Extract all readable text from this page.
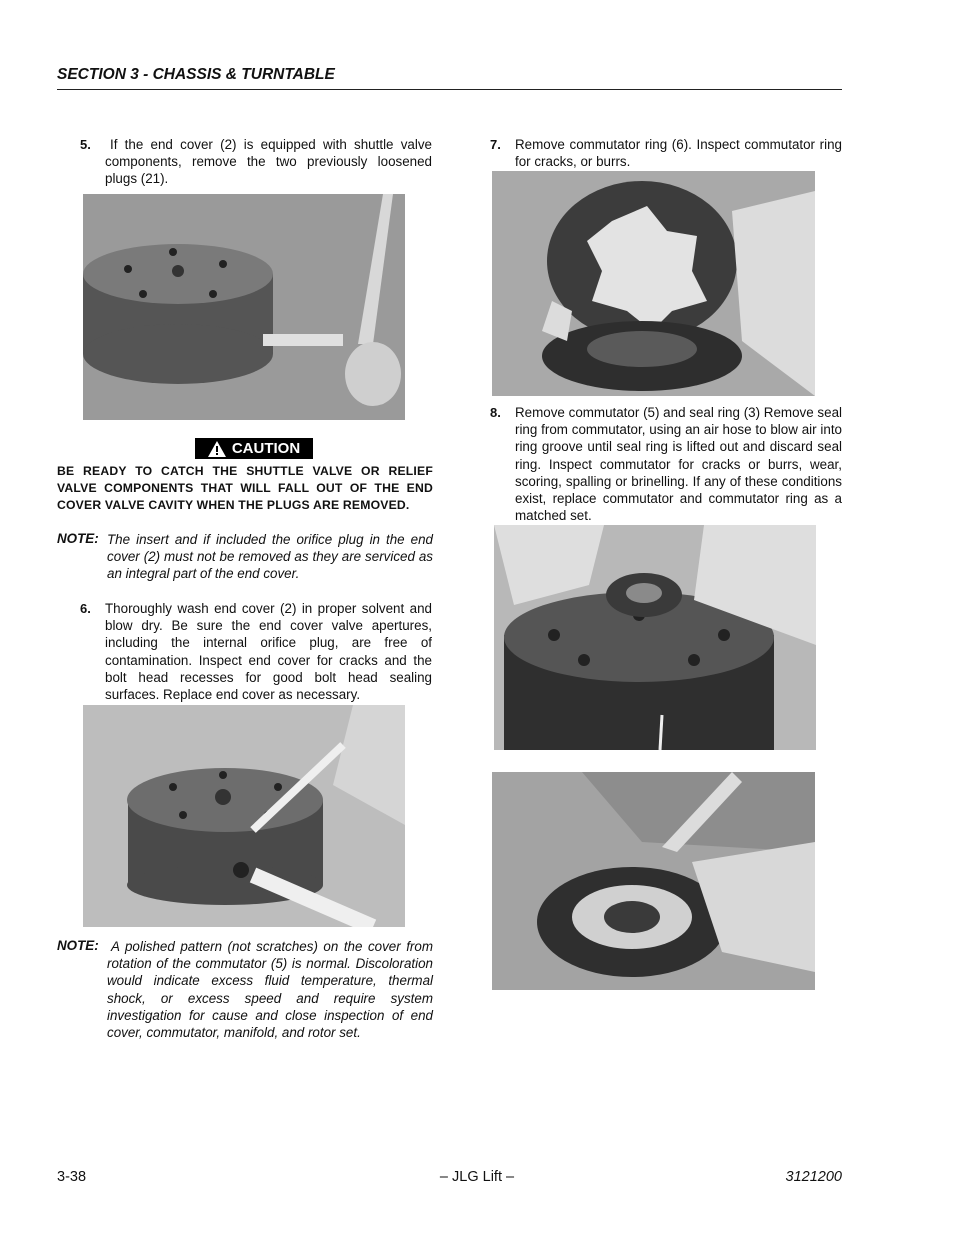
SECTION 3 - CHASSIS & TURNTABLE
5.	If the end cover (2) is equipped with shuttle valve components, remove the two previously loosened plugs (21).
CAUTION
BE READY TO CATCH THE SHUTTLE VALVE OR RELIEF VALVE COMPONENTS THAT WILL FALL OUT OF THE END COVER VALVE CAVITY WHEN THE PLUGS ARE REMOVED.
NOTE: The insert and if included the orifice plug in the end cover (2) must not be removed as they are serviced as an integral part of the end cover.
6. Thoroughly wash end cover (2) in proper solvent and blow dry. Be sure the end cover valve apertures, including the internal orifice plug, are free of contamination. Inspect end cover for cracks and the bolt head recesses for good bolt head sealing surfaces. Replace end cover as necessary.
NOTE: A polished pattern (not scratches) on the cover from rotation of the commutator (5) is normal. Discoloration would indicate excess fluid temperature, thermal shock, or excess speed and require system investigation for cause and close inspection of end cover, commutator, manifold, and rotor set.
7. Remove commutator ring (6). Inspect commutator ring for cracks, or burrs.
8. Remove commutator (5) and seal ring (3) Remove seal ring from commutator, using an air hose to blow air into ring groove until seal ring is lifted out and discard seal ring. Inspect commutator for cracks or burrs, wear, scoring, spalling or brinelling. If any of these conditions exist, replace commutator and commutator ring as a matched set.
3-38	– JLG Lift –	3121200
